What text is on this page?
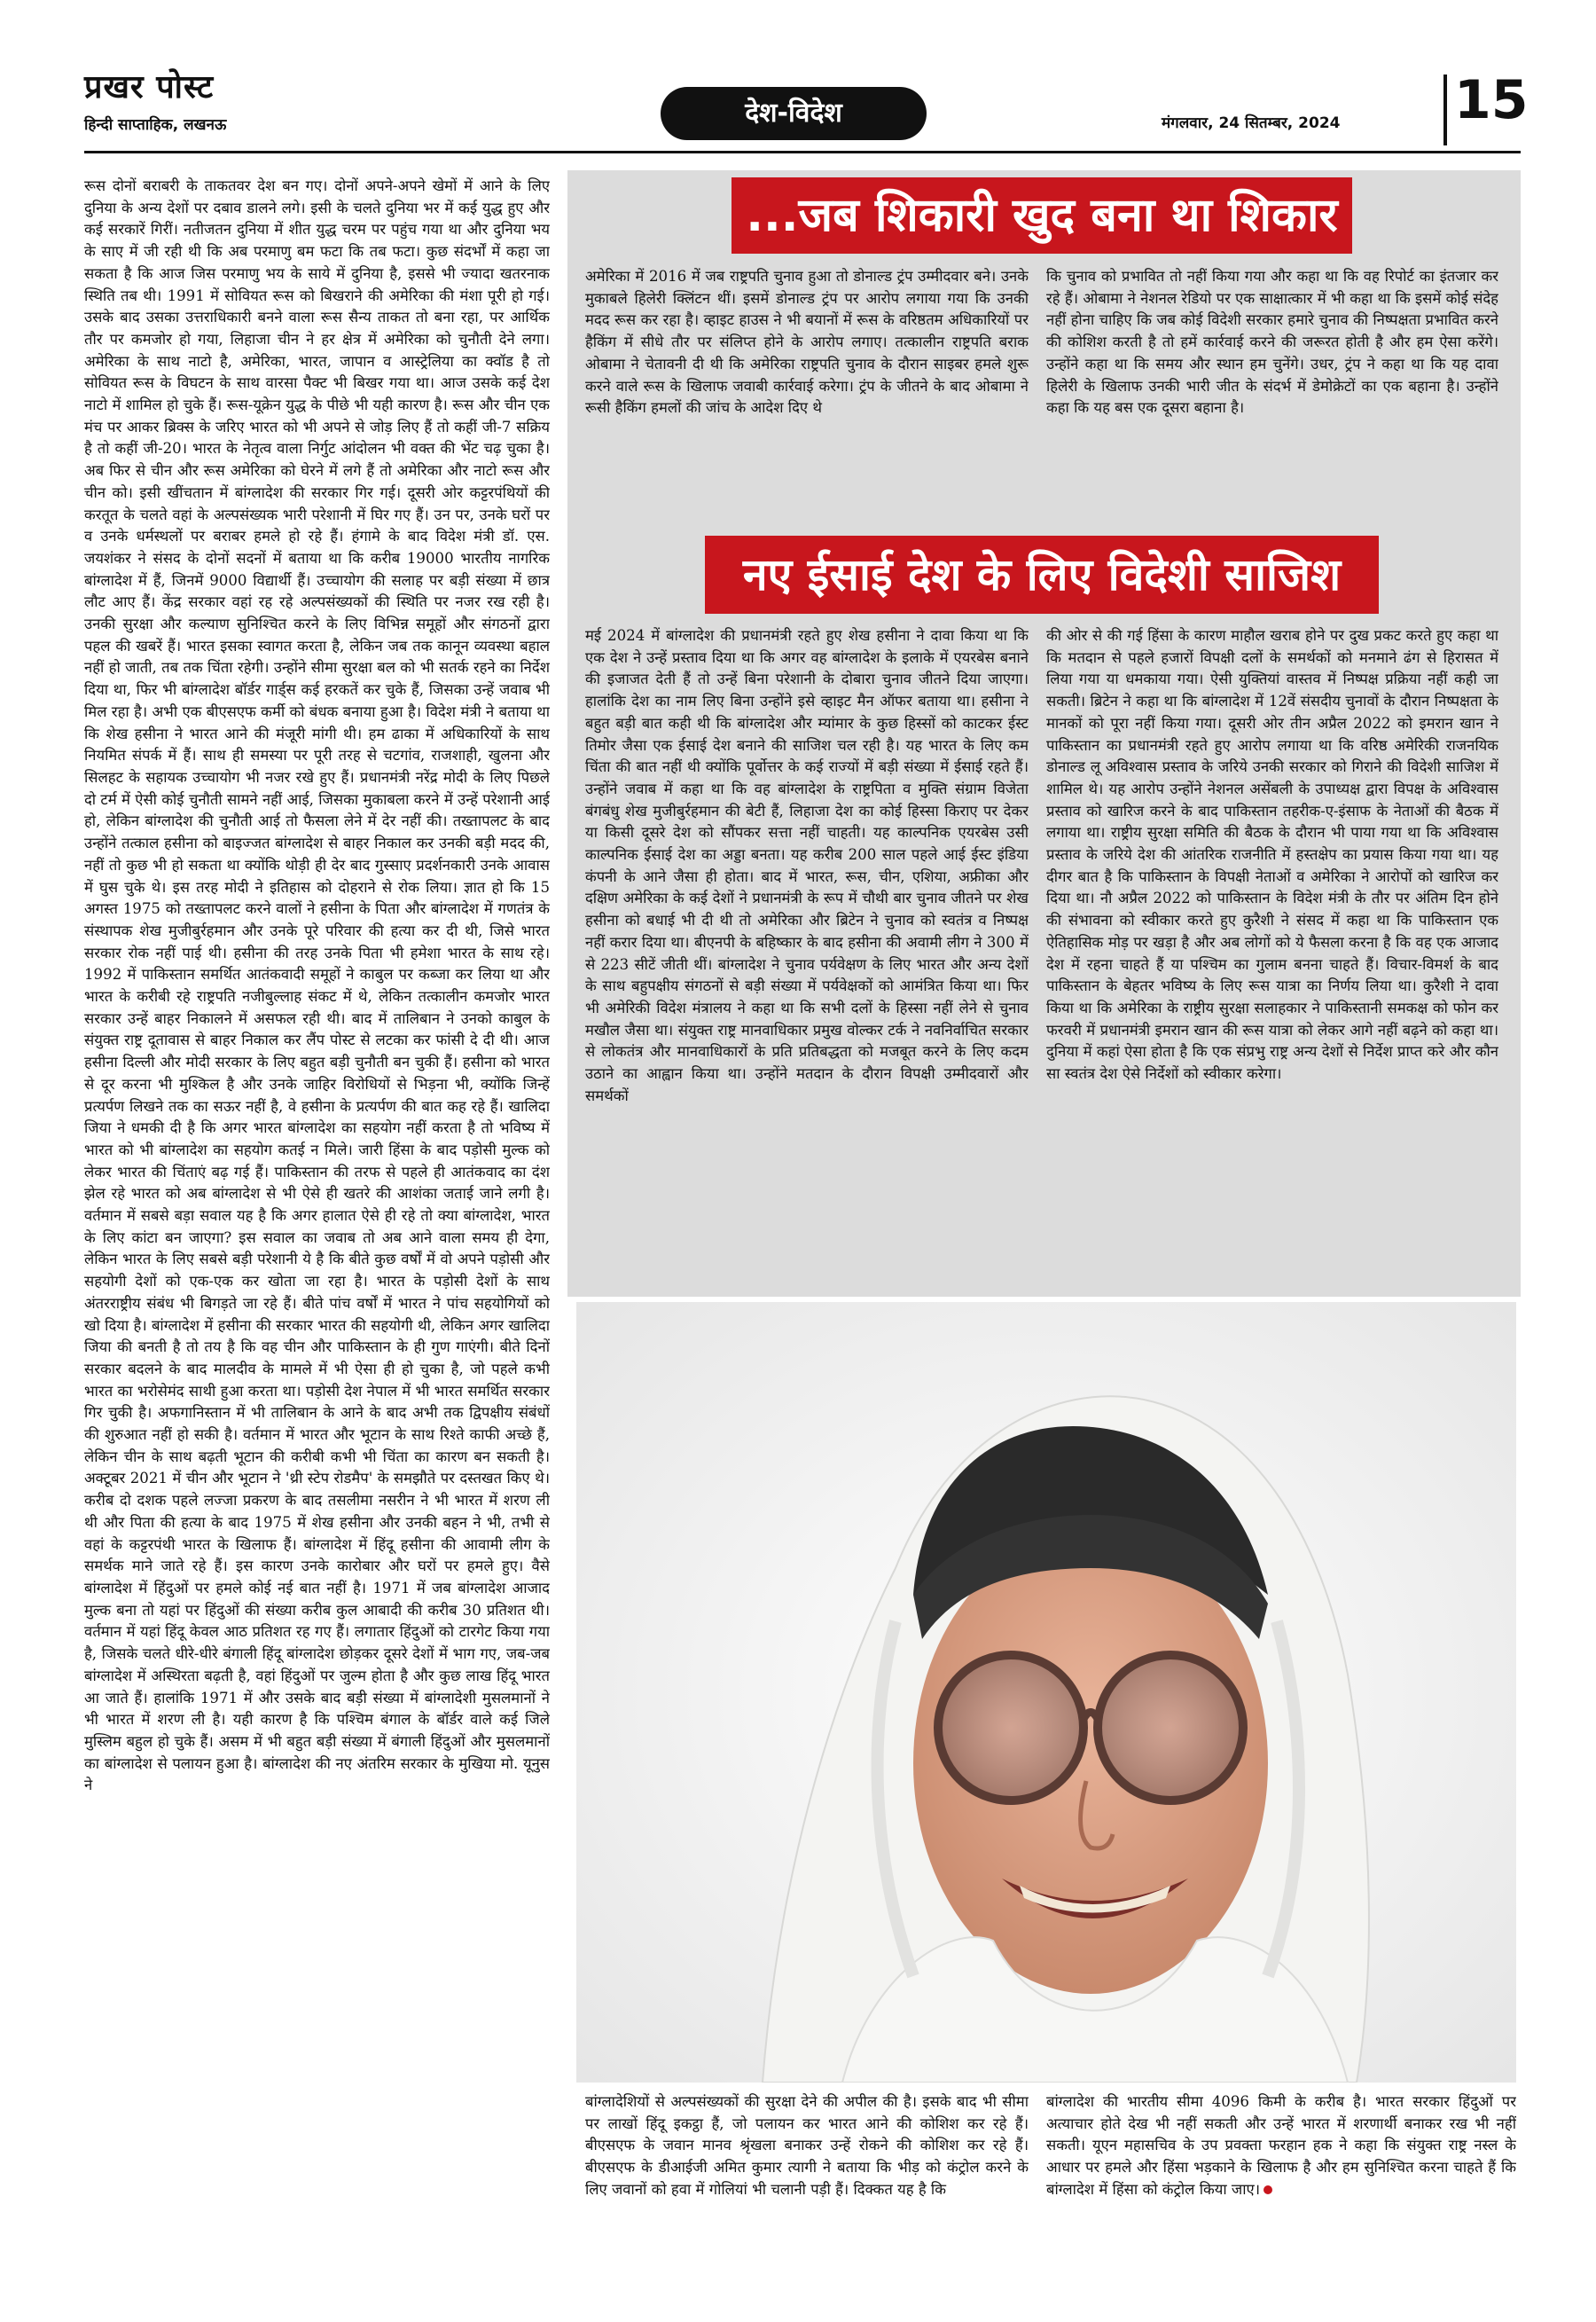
प्रखर पोस्ट
हिन्दी साप्ताहिक, लखनऊ	देश-विदेश	मंगलवार, 24 सितम्बर, 2024 15

रूस दोनों बराबरी के ताकतवर देश बन गए। दोनों अपने-अपने खेमों में आने के लिए दुनिया के अन्य देशों पर दबाव डालने लगे। इसी के चलते दुनिया भर में कई युद्ध हुए और कई सरकारें गिरीं। नतीजतन दुनिया में शीत युद्ध चरम पर पहुंच गया था और दुनिया भय के साए में जी रही थी कि अब परमाणु बम फटा कि तब फटा। कुछ संदर्भों में कहा जा सकता है कि आज जिस परमाणु भय के साये में दुनिया है, इससे भी ज्यादा खतरनाक स्थिति तब थी। 1991 में सोवियत रूस को बिखराने की अमेरिका की मंशा पूरी हो गई। उसके बाद उसका उत्तराधिकारी बनने वाला रूस सैन्य ताकत तो बना रहा, पर आर्थिक तौर पर कमजोर हो गया, लिहाजा चीन ने हर क्षेत्र में अमेरिका को चुनौती देने लगा। अमेरिका के साथ नाटो है, अमेरिका, भारत, जापान व आस्ट्रेलिया का क्वॉड है तो सोवियत रूस के विघटन के साथ वारसा पैक्ट भी बिखर गया था। आज उसके कई देश नाटो में शामिल हो चुके हैं। रूस-यूक्रेन युद्ध के पीछे भी यही कारण है। रूस और चीन एक मंच पर आकर ब्रिक्स के जरिए भारत को भी अपने से जोड़ लिए हैं तो कहीं जी-7 सक्रिय है तो कहीं जी-20। भारत के नेतृत्व वाला निर्गुट आंदोलन भी वक्त की भेंट चढ़ चुका है। अब फिर से चीन और रूस अमेरिका को घेरने में लगे हैं तो अमेरिका और नाटो रूस और चीन को। इसी खींचतान में बांग्लादेश की सरकार गिर गई। दूसरी ओर कट्टरपंथियों की करतूत के चलते वहां के अल्पसंख्यक भारी परेशानी में घिर गए हैं। उन पर, उनके घरों पर व उनके धर्मस्थलों पर बराबर हमले हो रहे हैं। हंगामे के बाद विदेश मंत्री डॉ. एस. जयशंकर ने संसद के दोनों सदनों में बताया था कि करीब 19000 भारतीय नागरिक बांग्लादेश में हैं, जिनमें 9000 विद्यार्थी हैं। उच्चायोग की सलाह पर बड़ी संख्या में छात्र लौट आए हैं। केंद्र सरकार वहां रह रहे अल्पसंख्यकों की स्थिति पर नजर रख रही है। उनकी सुरक्षा और कल्याण सुनिश्चित करने के लिए विभिन्न समूहों और संगठनों द्वारा पहल की खबरें हैं। भारत इसका स्वागत करता है, लेकिन जब तक कानून व्यवस्था बहाल नहीं हो जाती, तब तक चिंता रहेगी। उन्होंने सीमा सुरक्षा बल को भी सतर्क रहने का निर्देश दिया था, फिर भी बांग्लादेश बॉर्डर गार्ड्स कई हरकतें कर चुके हैं, जिसका उन्हें जवाब भी मिल रहा है। अभी एक बीएसएफ कर्मी को बंधक बनाया हुआ है। विदेश मंत्री ने बताया था कि शेख हसीना ने भारत आने की मंजूरी मांगी थी। हम ढाका में अधिकारियों के साथ नियमित संपर्क में हैं। साथ ही समस्या पर पूरी तरह से चटगांव, राजशाही, खुलना और सिलहट के सहायक उच्चायोग भी नजर रखे हुए हैं। प्रधानमंत्री नरेंद्र मोदी के लिए पिछले दो टर्म में ऐसी कोई चुनौती सामने नहीं आई, जिसका मुकाबला करने में उन्हें परेशानी आई हो, लेकिन बांग्लादेश की चुनौती आई तो फैसला लेने में देर नहीं की। तख्तापलट के बाद उन्होंने तत्काल हसीना को बाइज्जत बांग्लादेश से बाहर निकाल कर उनकी बड़ी मदद की, नहीं तो कुछ भी हो सकता था क्योंकि थोड़ी ही देर बाद गुस्साए प्रदर्शनकारी उनके आवास में घुस चुके थे। इस तरह मोदी ने इतिहास को दोहराने से रोक लिया। ज्ञात हो कि 15 अगस्त 1975 को तख्तापलट करने वालों ने हसीना के पिता और बांग्लादेश में गणतंत्र के संस्थापक शेख मुजीबुर्रहमान और उनके पूरे परिवार की हत्या कर दी थी, जिसे भारत सरकार रोक नहीं पाई थी। हसीना की तरह उनके पिता भी हमेशा भारत के साथ रहे। 1992 में पाकिस्तान समर्थित आतंकवादी समूहों ने काबुल पर कब्जा कर लिया था और भारत के करीबी रहे राष्ट्रपति नजीबुल्लाह संकट में थे, लेकिन तत्कालीन कमजोर भारत सरकार उन्हें बाहर निकालने में असफल रही थी। बाद में तालिबान ने उनको काबुल के संयुक्त राष्ट्र दूतावास से बाहर निकाल कर लैंप पोस्ट से लटका कर फांसी दे दी थी। आज हसीना दिल्ली और मोदी सरकार के लिए बहुत बड़ी चुनौती बन चुकी हैं। हसीना को भारत से दूर करना भी मुश्किल है और उनके जाहिर विरोधियों से भिड़ना भी, क्योंकि जिन्हें प्रत्यर्पण लिखने तक का सऊर नहीं है, वे हसीना के प्रत्यर्पण की बात कह रहे हैं। खालिदा जिया ने धमकी दी है कि अगर भारत बांग्लादेश का सहयोग नहीं करता है तो भविष्य में भारत को भी बांग्लादेश का सहयोग कतई न मिले। जारी हिंसा के बाद पड़ोसी मुल्क को लेकर भारत की चिंताएं बढ़ गई हैं। पाकिस्तान की तरफ से पहले ही आतंकवाद का दंश झेल रहे भारत को अब बांग्लादेश से भी ऐसे ही खतरे की आशंका जताई जाने लगी है। वर्तमान में सबसे बड़ा सवाल यह है कि अगर हालात ऐसे ही रहे तो क्या बांग्लादेश, भारत के लिए कांटा बन जाएगा? इस सवाल का जवाब तो अब आने वाला समय ही देगा, लेकिन भारत के लिए सबसे बड़ी परेशानी ये है कि बीते कुछ वर्षों में वो अपने पड़ोसी और सहयोगी देशों को एक-एक कर खोता जा रहा है। भारत के पड़ोसी देशों के साथ अंतरराष्ट्रीय संबंध भी बिगड़ते जा रहे हैं। बीते पांच वर्षों में भारत ने पांच सहयोगियों को खो दिया है। बांग्लादेश में हसीना की सरकार भारत की सहयोगी थी, लेकिन अगर खालिदा जिया की बनती है तो तय है कि वह चीन और पाकिस्तान के ही गुण गाएंगी। बीते दिनों सरकार बदलने के बाद मालदीव के मामले में भी ऐसा ही हो चुका है, जो पहले कभी भारत का भरोसेमंद साथी हुआ करता था। पड़ोसी देश नेपाल में भी भारत समर्थित सरकार गिर चुकी है। अफगानिस्तान में भी तालिबान के आने के बाद अभी तक द्विपक्षीय संबंधों की शुरुआत नहीं हो सकी है। वर्तमान में भारत और भूटान के साथ रिश्ते काफी अच्छे हैं, लेकिन चीन के साथ बढ़ती भूटान की करीबी कभी भी चिंता का कारण बन सकती है। अक्टूबर 2021 में चीन और भूटान ने 'थ्री स्टेप रोडमैप' के समझौते पर दस्तखत किए थे। करीब दो दशक पहले लज्जा प्रकरण के बाद तसलीमा नसरीन ने भी भारत में शरण ली थी और पिता की हत्या के बाद 1975 में शेख हसीना और उनकी बहन ने भी, तभी से वहां के कट्टरपंथी भारत के खिलाफ हैं। बांग्लादेश में हिंदू हसीना की आवामी लीग के समर्थक माने जाते रहे हैं। इस कारण उनके कारोबार और घरों पर हमले हुए। वैसे बांग्लादेश में हिंदुओं पर हमले कोई नई बात नहीं है। 1971 में जब बांग्लादेश आजाद मुल्क बना तो यहां पर हिंदुओं की संख्या करीब कुल आबादी की करीब 30 प्रतिशत थी। वर्तमान में यहां हिंदू केवल आठ प्रतिशत रह गए हैं। लगातार हिंदुओं को टारगेट किया गया है, जिसके चलते धीरे-धीरे बंगाली हिंदू बांग्लादेश छोड़कर दूसरे देशों में भाग गए, जब-जब बांग्लादेश में अस्थिरता बढ़ती है, वहां हिंदुओं पर जुल्म होता है और कुछ लाख हिंदू भारत आ जाते हैं। हालांकि 1971 में और उसके बाद बड़ी संख्या में बांग्लादेशी मुसलमानों ने भी भारत में शरण ली है। यही कारण है कि पश्चिम बंगाल के बॉर्डर वाले कई जिले मुस्लिम बहुल हो चुके हैं। असम में भी बहुत बड़ी संख्या में बंगाली हिंदुओं और मुसलमानों का बांग्लादेश से पलायन हुआ है। बांग्लादेश की नए अंतरिम सरकार के मुखिया मो. यूनुस ने

...जब शिकारी खुद बना था शिकार

अमेरिका में 2016 में जब राष्ट्रपति चुनाव हुआ तो डोनाल्ड ट्रंप उम्मीदवार बने। उनके मुकाबले हिलेरी क्लिंटन थीं। इसमें डोनाल्ड ट्रंप पर आरोप लगाया गया कि उनकी मदद रूस कर रहा है। व्हाइट हाउस ने भी बयानों में रूस के वरिष्ठतम अधिकारियों पर हैकिंग में सीधे तौर पर संलिप्त होने के आरोप लगाए। तत्कालीन राष्ट्रपति बराक ओबामा ने चेतावनी दी थी कि अमेरिका राष्ट्रपति चुनाव के दौरान साइबर हमले शुरू करने वाले रूस के खिलाफ जवाबी कार्रवाई करेगा। ट्रंप के जीतने के बाद ओबामा ने रूसी हैकिंग हमलों की जांच के आदेश दिए थे

कि चुनाव को प्रभावित तो नहीं किया गया और कहा था कि वह रिपोर्ट का इंतजार कर रहे हैं। ओबामा ने नेशनल रेडियो पर एक साक्षात्कार में भी कहा था कि इसमें कोई संदेह नहीं होना चाहिए कि जब कोई विदेशी सरकार हमारे चुनाव की निष्पक्षता प्रभावित करने की कोशिश करती है तो हमें कार्रवाई करने की जरूरत होती है और हम ऐसा करेंगे। उन्होंने कहा था कि समय और स्थान हम चुनेंगे। उधर, ट्रंप ने कहा था कि यह दावा हिलेरी के खिलाफ उनकी भारी जीत के संदर्भ में डेमोक्रेटों का एक बहाना है। उन्होंने कहा कि यह बस एक दूसरा बहाना है।

नए ईसाई देश के लिए विदेशी साजिश

मई 2024 में बांग्लादेश की प्रधानमंत्री रहते हुए शेख हसीना ने दावा किया था कि एक देश ने उन्हें प्रस्ताव दिया था कि अगर वह बांग्लादेश के इलाके में एयरबेस बनाने की इजाजत देती हैं तो उन्हें बिना परेशानी के दोबारा चुनाव जीतने दिया जाएगा। हालांकि देश का नाम लिए बिना उन्होंने इसे व्हाइट मैन ऑफर बताया था। हसीना ने बहुत बड़ी बात कही थी कि बांग्लादेश और म्यांमार के कुछ हिस्सों को काटकर ईस्ट तिमोर जैसा एक ईसाई देश बनाने की साजिश चल रही है। यह भारत के लिए कम चिंता की बात नहीं थी क्योंकि पूर्वोत्तर के कई राज्यों में बड़ी संख्या में ईसाई रहते हैं। उन्होंने जवाब में कहा था कि वह बांग्लादेश के राष्ट्रपिता व मुक्ति संग्राम विजेता बंगबंधु शेख मुजीबुर्रहमान की बेटी हैं, लिहाजा देश का कोई हिस्सा किराए पर देकर या किसी दूसरे देश को सौंपकर सत्ता नहीं चाहती। यह काल्पनिक एयरबेस उसी काल्पनिक ईसाई देश का अड्डा बनता। यह करीब 200 साल पहले आई ईस्ट इंडिया कंपनी के आने जैसा ही होता। बाद में भारत, रूस, चीन, एशिया, अफ्रीका और दक्षिण अमेरिका के कई देशों ने प्रधानमंत्री के रूप में चौथी बार चुनाव जीतने पर शेख हसीना को बधाई भी दी थी तो अमेरिका और ब्रिटेन ने चुनाव को स्वतंत्र व निष्पक्ष नहीं करार दिया था। बीएनपी के बहिष्कार के बाद हसीना की अवामी लीग ने 300 में से 223 सीटें जीती थीं। बांग्लादेश ने चुनाव पर्यवेक्षण के लिए भारत और अन्य देशों के साथ बहुपक्षीय संगठनों से बड़ी संख्या में पर्यवेक्षकों को आमंत्रित किया था। फिर भी अमेरिकी विदेश मंत्रालय ने कहा था कि सभी दलों के हिस्सा नहीं लेने से चुनाव मखौल जैसा था। संयुक्त राष्ट्र मानवाधिकार प्रमुख वोल्कर टर्क ने नवनिर्वाचित सरकार से लोकतंत्र और मानवाधिकारों के प्रति प्रतिबद्धता को मजबूत करने के लिए कदम उठाने का आह्वान किया था। उन्होंने मतदान के दौरान विपक्षी उम्मीदवारों और समर्थकों

की ओर से की गई हिंसा के कारण माहौल खराब होने पर दुख प्रकट करते हुए कहा था कि मतदान से पहले हजारों विपक्षी दलों के समर्थकों को मनमाने ढंग से हिरासत में लिया गया या धमकाया गया। ऐसी युक्तियां वास्तव में निष्पक्ष प्रक्रिया नहीं कही जा सकती। ब्रिटेन ने कहा था कि बांग्लादेश में 12वें संसदीय चुनावों के दौरान निष्पक्षता के मानकों को पूरा नहीं किया गया। दूसरी ओर तीन अप्रैल 2022 को इमरान खान ने पाकिस्तान का प्रधानमंत्री रहते हुए आरोप लगाया था कि वरिष्ठ अमेरिकी राजनयिक डोनाल्ड लू अविश्वास प्रस्ताव के जरिये उनकी सरकार को गिराने की विदेशी साजिश में शामिल थे। यह आरोप उन्होंने नेशनल असेंबली के उपाध्यक्ष द्वारा विपक्ष के अविश्वास प्रस्ताव को खारिज करने के बाद पाकिस्तान तहरीक-ए-इंसाफ के नेताओं की बैठक में लगाया था। राष्ट्रीय सुरक्षा समिति की बैठक के दौरान भी पाया गया था कि अविश्वास प्रस्ताव के जरिये देश की आंतरिक राजनीति में हस्तक्षेप का प्रयास किया गया था। यह दीगर बात है कि पाकिस्तान के विपक्षी नेताओं व अमेरिका ने आरोपों को खारिज कर दिया था। नौ अप्रैल 2022 को पाकिस्तान के विदेश मंत्री के तौर पर अंतिम दिन होने की संभावना को स्वीकार करते हुए कुरैशी ने संसद में कहा था कि पाकिस्तान एक ऐतिहासिक मोड़ पर खड़ा है और अब लोगों को ये फैसला करना है कि वह एक आजाद देश में रहना चाहते हैं या पश्चिम का गुलाम बनना चाहते हैं। विचार-विमर्श के बाद पाकिस्तान के बेहतर भविष्य के लिए रूस यात्रा का निर्णय लिया था। कुरैशी ने दावा किया था कि अमेरिका के राष्ट्रीय सुरक्षा सलाहकार ने पाकिस्तानी समकक्ष को फोन कर फरवरी में प्रधानमंत्री इमरान खान की रूस यात्रा को लेकर आगे नहीं बढ़ने को कहा था। दुनिया में कहां ऐसा होता है कि एक संप्रभु राष्ट्र अन्य देशों से निर्देश प्राप्त करे और कौन सा स्वतंत्र देश ऐसे निर्देशों को स्वीकार करेगा।

बांग्लादेशियों से अल्पसंख्यकों की सुरक्षा देने की अपील की है। इसके बाद भी सीमा पर लाखों हिंदू इकट्ठा हैं, जो पलायन कर भारत आने की कोशिश कर रहे हैं। बीएसएफ के जवान मानव श्रृंखला बनाकर उन्हें रोकने की कोशिश कर रहे हैं। बीएसएफ के डीआईजी अमित कुमार त्यागी ने बताया कि भीड़ को कंट्रोल करने के लिए जवानों को हवा में गोलियां भी चलानी पड़ी हैं। दिक्कत यह है कि

बांग्लादेश की भारतीय सीमा 4096 किमी के करीब है। भारत सरकार हिंदुओं पर अत्याचार होते देख भी नहीं सकती और उन्हें भारत में शरणार्थी बनाकर रख भी नहीं सकती। यूएन महासचिव के उप प्रवक्ता फरहान हक ने कहा कि संयुक्त राष्ट्र नस्ल के आधार पर हमले और हिंसा भड़काने के खिलाफ है और हम सुनिश्चित करना चाहते हैं कि बांग्लादेश में हिंसा को कंट्रोल किया जाए।
